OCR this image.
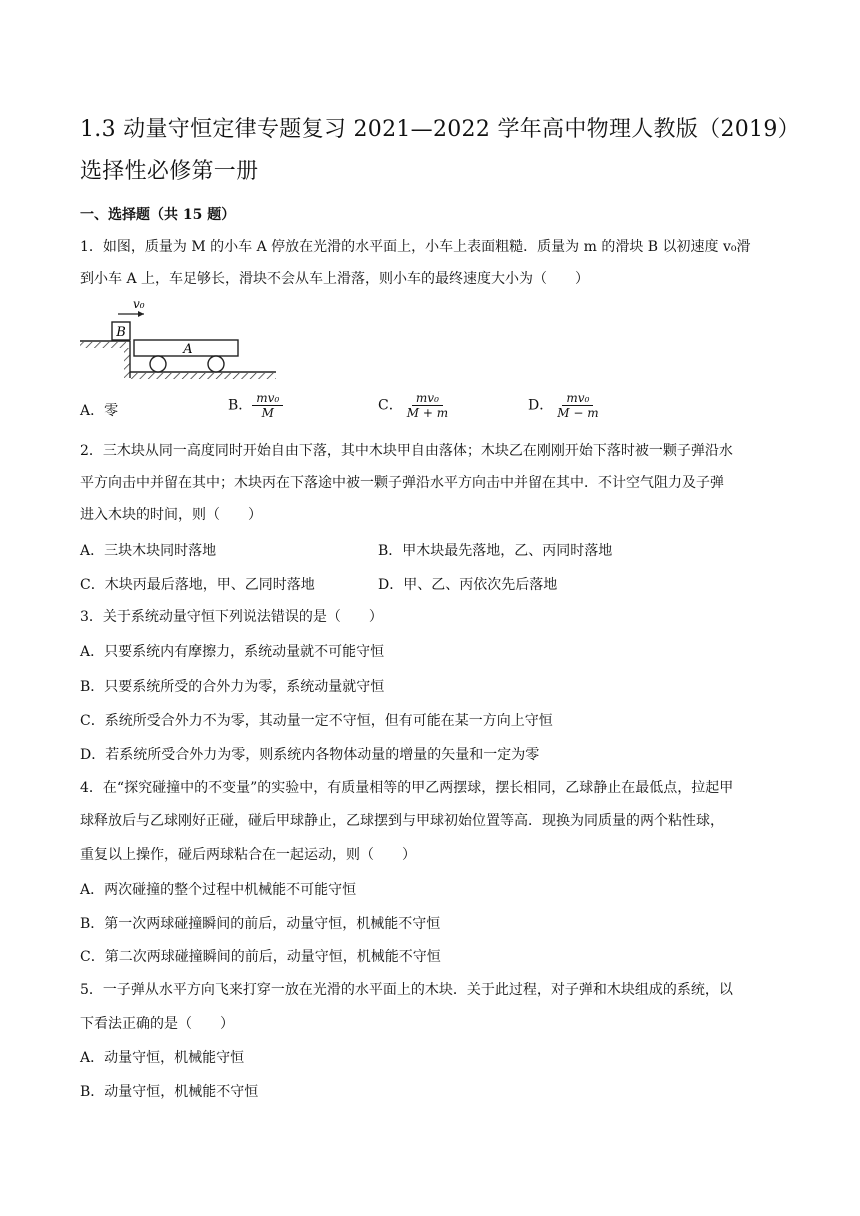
1.3 动量守恒定律专题复习 2021—2022 学年高中物理人教版（2019）
选择性必修第一册
一、选择题（共 15 题）
1．如图，质量为 M 的小车 A 停放在光滑的水平面上，小车上表面粗糙．质量为 m 的滑块 B 以初速度 v₀滑
到小车 A 上，车足够长，滑块不会从车上滑落，则小车的最终速度大小为（　　）
B
v₀
A
A．零	B． $\frac{\text{mv₀}}{M}$	C． $\frac{\text{mv₀}}{M + m}$	D． $\frac{\text{mv₀}}{M - m}$
2．三木块从同一高度同时开始自由下落，其中木块甲自由落体；木块乙在刚刚开始下落时被一颗子弹沿水
平方向击中并留在其中；木块丙在下落途中被一颗子弹沿水平方向击中并留在其中．不计空气阻力及子弹
进入木块的时间，则（　　）
A．三块木块同时落地	B．甲木块最先落地，乙、丙同时落地
C．木块丙最后落地，甲、乙同时落地	D．甲、乙、丙依次先后落地
3．关于系统动量守恒下列说法错误的是（　　）
A．只要系统内有摩擦力，系统动量就不可能守恒
B．只要系统所受的合外力为零，系统动量就守恒
C．系统所受合外力不为零，其动量一定不守恒，但有可能在某一方向上守恒
D．若系统所受合外力为零，则系统内各物体动量的增量的矢量和一定为零
4．在“探究碰撞中的不变量”的实验中，有质量相等的甲乙两摆球，摆长相同，乙球静止在最低点，拉起甲
球释放后与乙球刚好正碰，碰后甲球静止，乙球摆到与甲球初始位置等高．现换为同质量的两个粘性球，
重复以上操作，碰后两球粘合在一起运动，则（　　）
A．两次碰撞的整个过程中机械能不可能守恒
B．第一次两球碰撞瞬间的前后，动量守恒，机械能不守恒
C．第二次两球碰撞瞬间的前后，动量守恒，机械能不守恒
5．一子弹从水平方向飞来打穿一放在光滑的水平面上的木块．关于此过程，对子弹和木块组成的系统，以
下看法正确的是（　　）
A．动量守恒，机械能守恒
B．动量守恒，机械能不守恒
